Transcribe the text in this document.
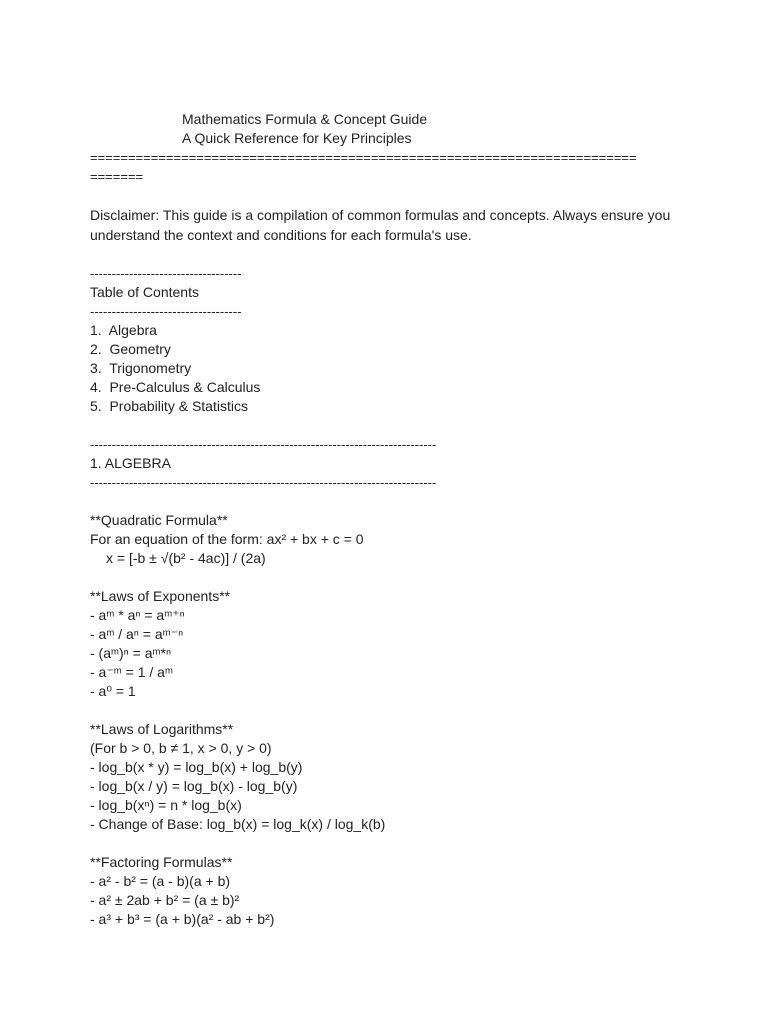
Mathematics Formula & Concept Guide
A Quick Reference for Key Principles
========================================================================
=======
Disclaimer: This guide is a compilation of common formulas and concepts. Always ensure you understand the context and conditions for each formula's use.
-----------------------------------
Table of Contents
-----------------------------------
1.  Algebra
2.  Geometry
3.  Trigonometry
4.  Pre-Calculus & Calculus
5.  Probability & Statistics
--------------------------------------------------------------------------------
1. ALGEBRA
--------------------------------------------------------------------------------
**Quadratic Formula**
For an equation of the form: ax² + bx + c = 0
x = [-b ± √(b² - 4ac)] / (2a)
**Laws of Exponents**
- aᵐ * aⁿ = aᵐ⁺ⁿ
- aᵐ / aⁿ = aᵐ⁻ⁿ
- (aᵐ)ⁿ = aᵐ*ⁿ
- a⁻ᵐ = 1 / aᵐ
- a⁰ = 1
**Laws of Logarithms**
(For b > 0, b ≠ 1, x > 0, y > 0)
- log_b(x * y) = log_b(x) + log_b(y)
- log_b(x / y) = log_b(x) - log_b(y)
- log_b(xⁿ) = n * log_b(x)
- Change of Base: log_b(x) = log_k(x) / log_k(b)
**Factoring Formulas**
- a² - b² = (a - b)(a + b)
- a² ± 2ab + b² = (a ± b)²
- a³ + b³ = (a + b)(a² - ab + b²)
